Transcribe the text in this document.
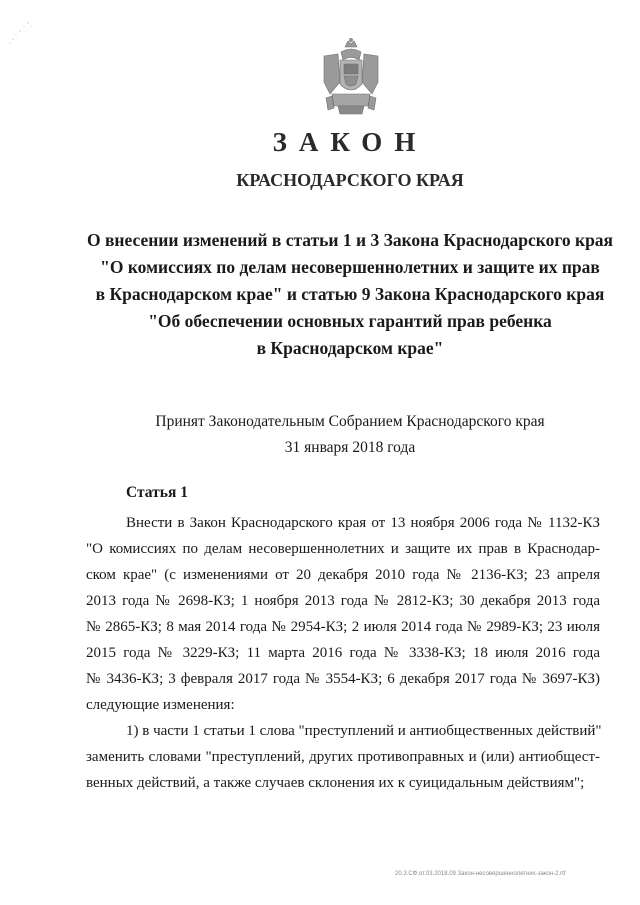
ЗАКОН
КРАСНОДАРСКОГО КРАЯ
О внесении изменений в статьи 1 и 3 Закона Краснодарского края
"О комиссиях по делам несовершеннолетних и защите их прав
в Краснодарском крае" и статью 9 Закона Краснодарского края
"Об обеспечении основных гарантий прав ребенка
в Краснодарском крае"
Принят Законодательным Собранием Краснодарского края
31 января 2018 года
Статья 1
Внести в Закон Краснодарского края от 13 ноября 2006 года № 1132-КЗ
"О комиссиях по делам несовершеннолетних и защите их прав в Краснодар-
ском крае" (с изменениями от 20 декабря 2010 года № 2136-КЗ; 23 апреля
2013 года № 2698-КЗ; 1 ноября 2013 года № 2812-КЗ; 30 декабря 2013 года
№ 2865-КЗ; 8 мая 2014 года № 2954-КЗ; 2 июля 2014 года № 2989-КЗ; 23 июля
2015 года № 3229-КЗ; 11 марта 2016 года № 3338-КЗ; 18 июля 2016 года
№ 3436-КЗ; 3 февраля 2017 года № 3554-КЗ; 6 декабря 2017 года № 3697-КЗ)
следующие изменения:
1) в части 1 статьи 1 слова "преступлений и антиобщественных действий"
заменить словами "преступлений, других противоправных и (или) антиобщест-
венных действий, а также случаев склонения их к суицидальным действиям";
20.3.СФ.от.03.2018.09 Закон-несовершеннолетних-закон-2.rtf
